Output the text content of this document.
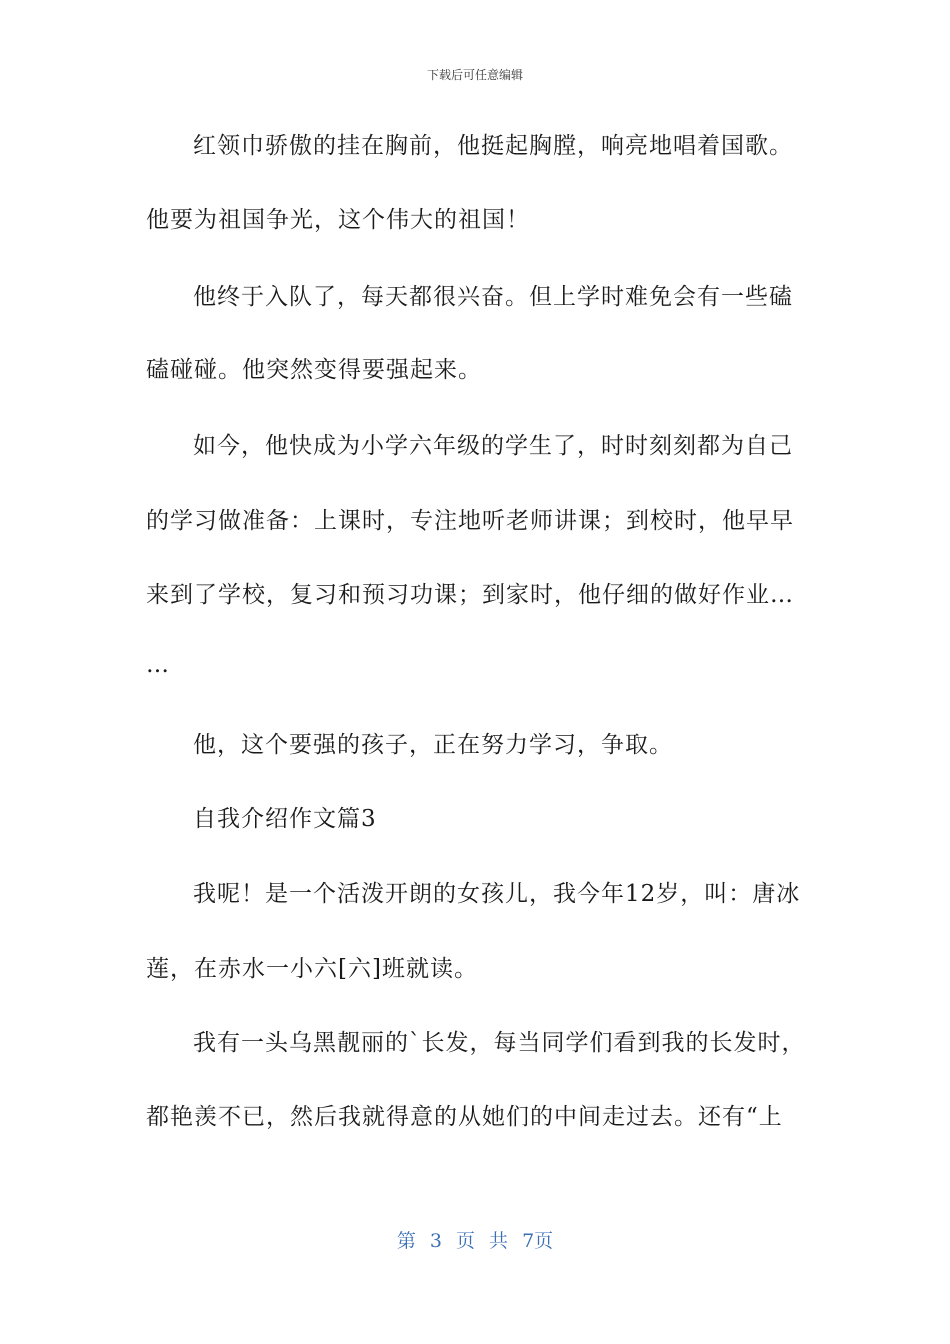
下载后可任意编辑
红领巾骄傲的挂在胸前，他挺起胸膛，响亮地唱着国歌。
他要为祖国争光，这个伟大的祖国！
他终于入队了，每天都很兴奋。但上学时难免会有一些磕
磕碰碰。他突然变得要强起来。
如今，他快成为小学六年级的学生了，时时刻刻都为自己
的学习做准备：上课时，专注地听老师讲课；到校时，他早早
来到了学校，复习和预习功课；到家时，他仔细的做好作业…
…
他，这个要强的孩子，正在努力学习，争取。
自我介绍作文篇3
我呢！是一个活泼开朗的女孩儿，我今年12岁，叫：唐冰
莲，在赤水一小六[六]班就读。
我有一头乌黑靓丽的`长发，每当同学们看到我的长发时，
都艳羡不已，然后我就得意的从她们的中间走过去。还有“上
第 3 页 共 7页
